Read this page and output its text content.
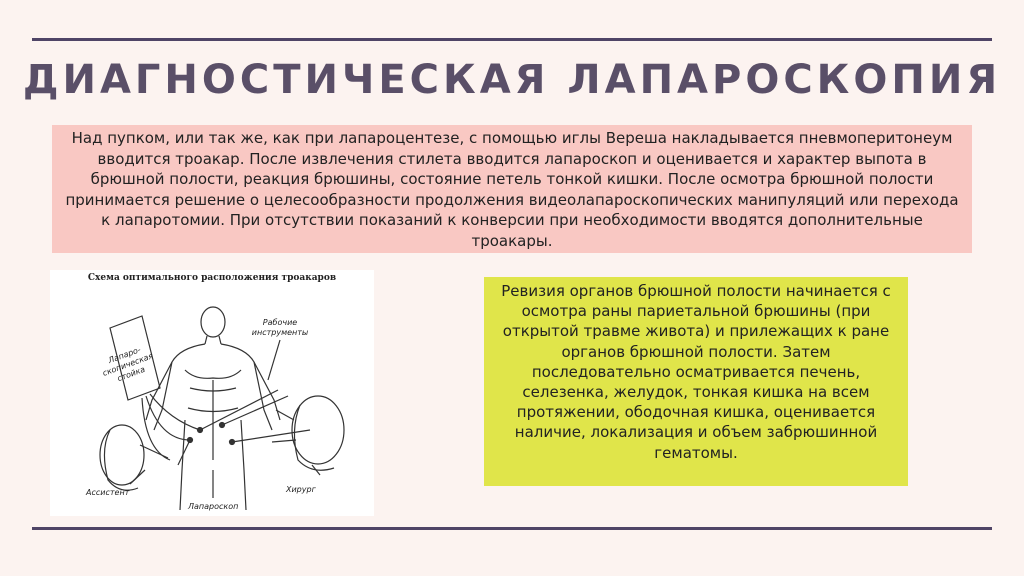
ДИАГНОСТИЧЕСКАЯ ЛАПАРОСКОПИЯ
Над пупком, или так же, как при лапароцентезе, с помощью иглы Вереша накладывается пневмоперитонеум вводится троакар. После извлечения стилета вводится лапароскоп и оценивается и характер выпота в брюшной полости, реакция брюшины, состояние петель тонкой кишки. После осмотра брюшной полости принимается решение о целесообразности продолжения видеолапароскопических манипуляций или перехода к лапаротомии. При отсутствии показаний к конверсии при необходимости вводятся дополнительные троакары.
Схема оптимального расположения троакаров
Лапаро-скопическая стойка
Рабочие инструменты
Ассистент
Лапароскоп
Хирург
Ревизия органов брюшной полости начинается с осмотра раны париетальной брюшины (при открытой травме живота) и прилежащих к ране органов брюшной полости. Затем последовательно осматривается печень, селезенка, желудок, тонкая кишка на всем протяжении, ободочная кишка, оценивается наличие, локализация и объем забрюшинной гематомы.
